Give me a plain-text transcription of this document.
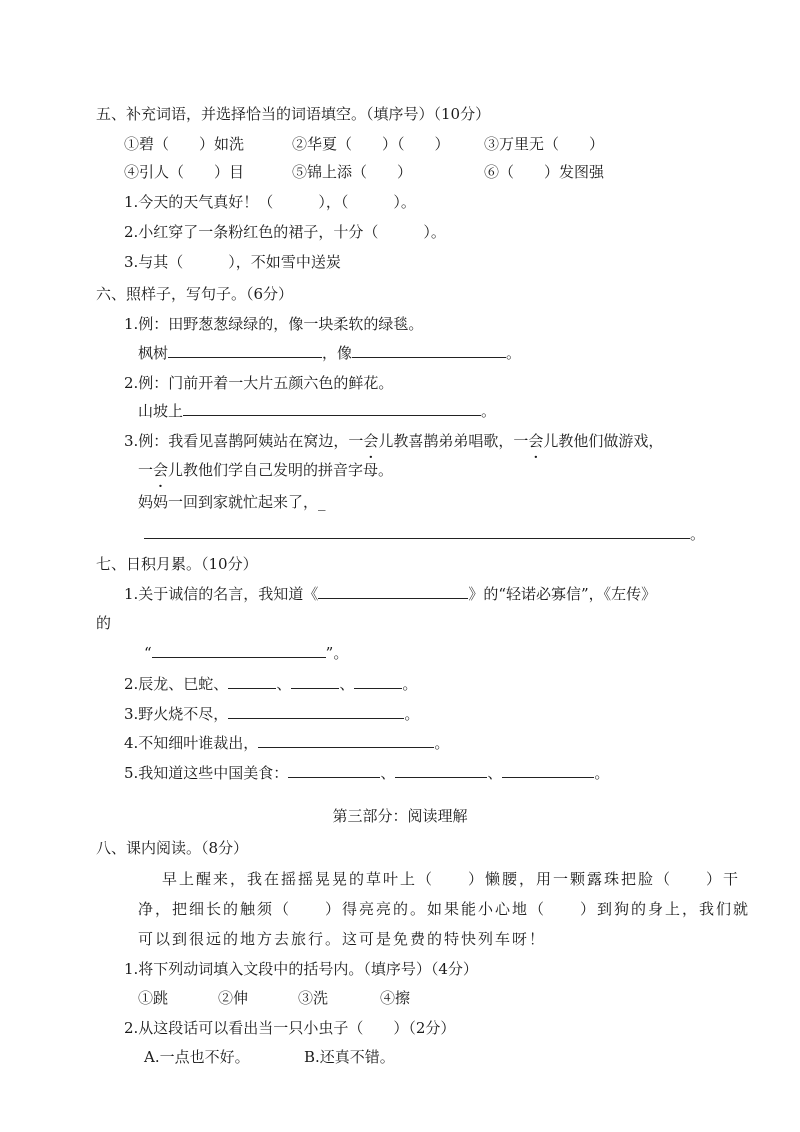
五、补充词语，并选择恰当的词语填空。（填序号）（10分）
①碧（　　）如洗	②华夏（　　）（　　） ③万里无（　　）
④引人（　　）目	⑤锦上添（　　）	⑥（　　）发图强
1.今天的天气真好！（　　　），（　　　）。
2.小红穿了一条粉红色的裙子，十分（　　　）。
3.与其（　　　），不如雪中送炭
六、照样子，写句子。（6分）
1.例：田野葱葱绿绿的，像一块柔软的绿毯。
枫树	，像	。
2.例：门前开着一大片五颜六色的鲜花。
山坡上	。
3.例：我看见喜鹊阿姨站在窝边，一会儿教喜鹊弟弟唱歌，一会儿教他们做游戏，
一会儿教他们学自己发明的拼音字母。
妈妈一回到家就忙起来了，_
。
七、日积月累。（10分）
1.关于诚信的名言，我知道《	》的“轻诺必寡信”，《左传》
的
“	”。
2.辰龙、巳蛇、	、	、	。
3.野火烧不尽，	。
4.不知细叶谁裁出，	。
5.我知道这些中国美食：	、	、	。
第三部分：阅读理解
八、课内阅读。（8分）
早上醒来，我在摇摇晃晃的草叶上（　　）懒腰，用一颗露珠把脸（　　）干
净，把细长的触须（　　）得亮亮的。如果能小心地（　　）到狗的身上，我们就
可以到很远的地方去旅行。这可是免费的特快列车呀！
1.将下列动词填入文段中的括号内。（填序号）（4分）
①跳	②伸	③洗	④擦
2.从这段话可以看出当一只小虫子（　　）（2分）
A.一点也不好。	B.还真不错。
